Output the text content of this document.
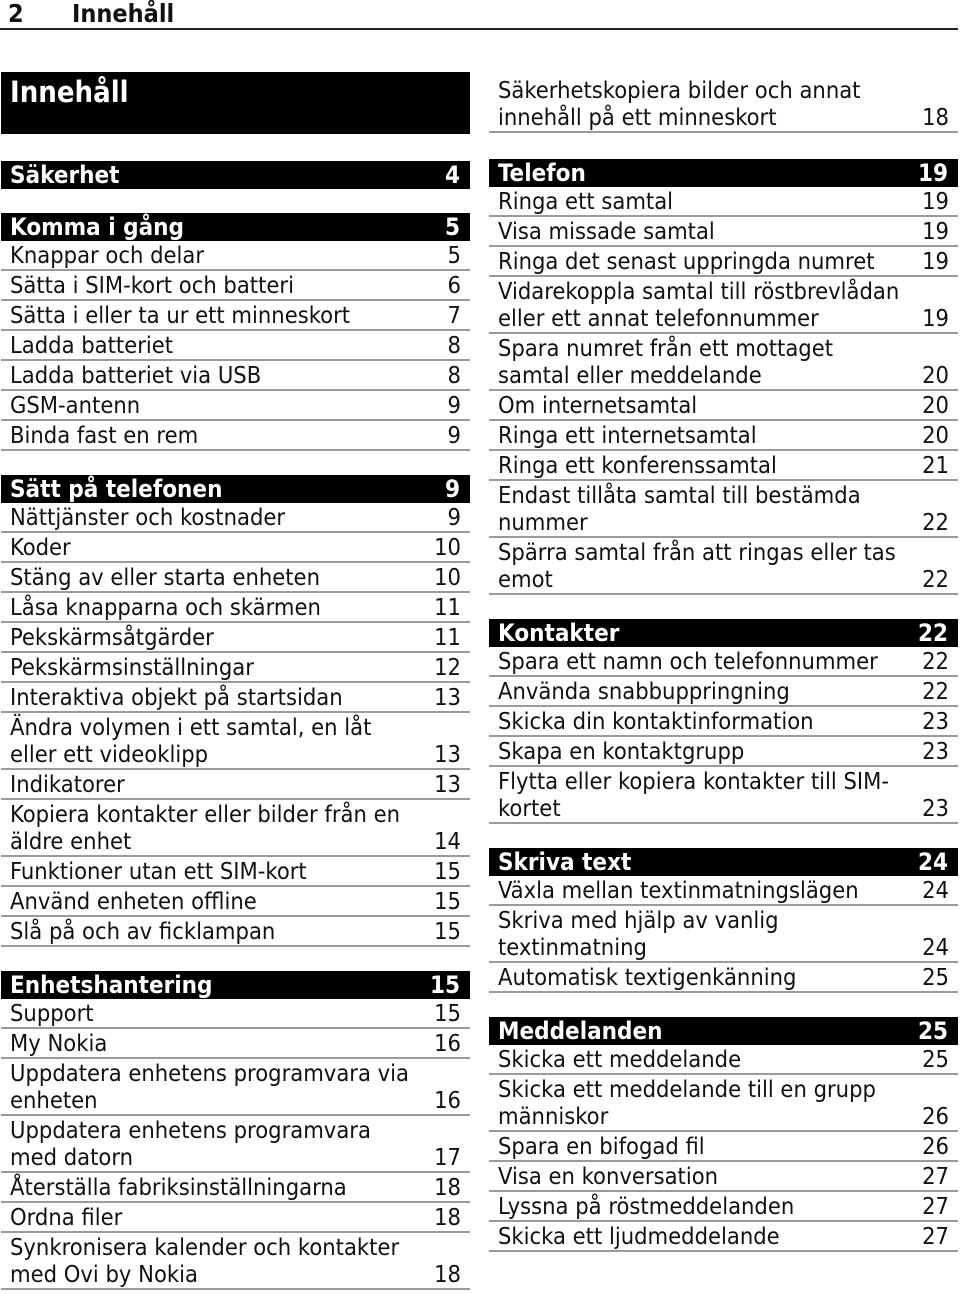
2 Innehåll
Innehåll
Säkerhet	4
Komma i gång	5
Knappar och delar	5
Sätta i SIM-kort och batteri	6
Sätta i eller ta ur ett minneskort	7
Ladda batteriet	8
Ladda batteriet via USB	8
GSM-antenn	9
Binda fast en rem	9
Sätt på telefonen	9
Nättjänster och kostnader	9
Koder	10
Stäng av eller starta enheten	10
Låsa knapparna och skärmen	11
Pekskärmsåtgärder	11
Pekskärmsinställningar	12
Interaktiva objekt på startsidan	13
Ändra volymen i ett samtal, en låt eller ett videoklipp	13
Indikatorer	13
Kopiera kontakter eller bilder från en äldre enhet	14
Funktioner utan ett SIM-kort	15
Använd enheten offline	15
Slå på och av ficklampan	15
Enhetshantering	15
Support	15
My Nokia	16
Uppdatera enhetens programvara via enheten	16
Uppdatera enhetens programvara med datorn	17
Återställa fabriksinställningarna	18
Ordna filer	18
Synkronisera kalender och kontakter med Ovi by Nokia	18
Säkerhetskopiera bilder och annat innehåll på ett minneskort	18
Telefon	19
Ringa ett samtal	19
Visa missade samtal	19
Ringa det senast uppringda numret	19
Vidarekoppla samtal till röstbrevlådan eller ett annat telefonnummer	19
Spara numret från ett mottaget samtal eller meddelande	20
Om internetsamtal	20
Ringa ett internetsamtal	20
Ringa ett konferenssamtal	21
Endast tillåta samtal till bestämda nummer	22
Spärra samtal från att ringas eller tas emot	22
Kontakter	22
Spara ett namn och telefonnummer	22
Använda snabbuppringning	22
Skicka din kontaktinformation	23
Skapa en kontaktgrupp	23
Flytta eller kopiera kontakter till SIM-kortet	23
Skriva text	24
Växla mellan textinmatningslägen	24
Skriva med hjälp av vanlig textinmatning	24
Automatisk textigenkänning	25
Meddelanden	25
Skicka ett meddelande	25
Skicka ett meddelande till en grupp människor	26
Spara en bifogad fil	26
Visa en konversation	27
Lyssna på röstmeddelanden	27
Skicka ett ljudmeddelande	27
